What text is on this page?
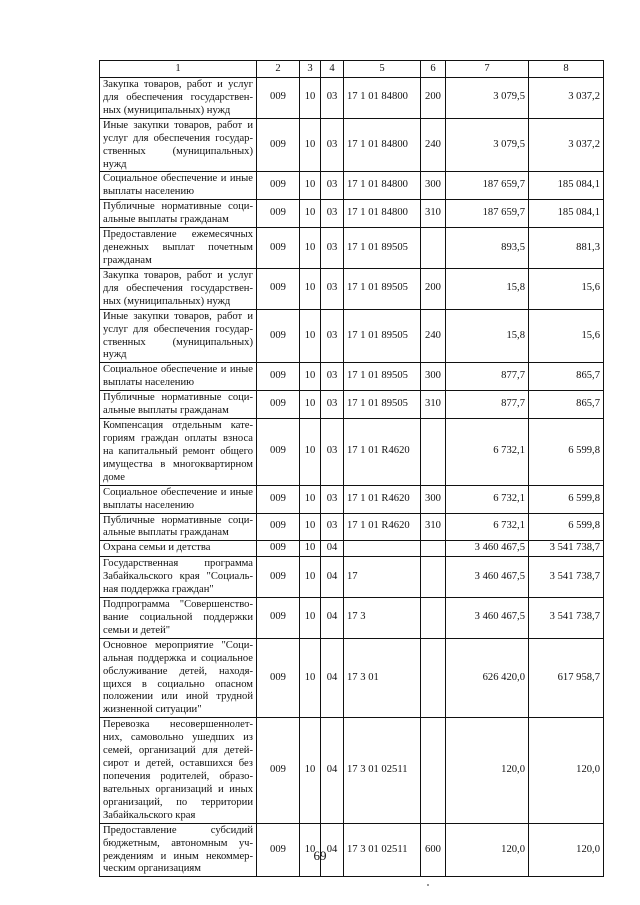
1	2	3	4	5	6	7	8
Закупка товаров, работ и услуг для обеспечения государствен-ных (муниципальных) нужд	009	10	03	17 1 01 84800	200	3 079,5	3 037,2
Иные закупки товаров, работ и услуг для обеспечения государ-ственных (муниципальных) нужд	009	10	03	17 1 01 84800	240	3 079,5	3 037,2
Социальное обеспечение и иные выплаты населению	009	10	03	17 1 01 84800	300	187 659,7	185 084,1
Публичные нормативные соци-альные выплаты гражданам	009	10	03	17 1 01 84800	310	187 659,7	185 084,1
Предоставление ежемесячных денежных выплат почетным гражданам	009	10	03	17 1 01 89505		893,5	881,3
Закупка товаров, работ и услуг для обеспечения государствен-ных (муниципальных) нужд	009	10	03	17 1 01 89505	200	15,8	15,6
Иные закупки товаров, работ и услуг для обеспечения государ-ственных (муниципальных) нужд	009	10	03	17 1 01 89505	240	15,8	15,6
Социальное обеспечение и иные выплаты населению	009	10	03	17 1 01 89505	300	877,7	865,7
Публичные нормативные соци-альные выплаты гражданам	009	10	03	17 1 01 89505	310	877,7	865,7
Компенсация отдельным кате-гориям граждан оплаты взноса на капитальный ремонт общего имущества в многоквартирном доме	009	10	03	17 1 01 R4620		6 732,1	6 599,8
Социальное обеспечение и иные выплаты населению	009	10	03	17 1 01 R4620	300	6 732,1	6 599,8
Публичные нормативные соци-альные выплаты гражданам	009	10	03	17 1 01 R4620	310	6 732,1	6 599,8
Охрана семьи и детства	009	10	04			3 460 467,5	3 541 738,7
Государственная программа Забайкальского края "Социаль-ная поддержка граждан"	009	10	04	17		3 460 467,5	3 541 738,7
Подпрограмма "Совершенство-вание социальной поддержки семьи и детей"	009	10	04	17 3		3 460 467,5	3 541 738,7
Основное мероприятие "Соци-альная поддержка и социальное обслуживание детей, находя-щихся в социально опасном положении или иной трудной жизненной ситуации"	009	10	04	17 3 01		626 420,0	617 958,7
Перевозка несовершеннолет-них, самовольно ушедших из семей, организаций для детей-сирот и детей, оставшихся без попечения родителей, образо-вательных организаций и иных организаций, по территории Забайкальского края	009	10	04	17 3 01 02511		120,0	120,0
Предоставление субсидий бюджетным, автономным уч-реждениям и иным некоммер-ческим организациям	009	10	04	17 3 01 02511	600	120,0	120,0
69
